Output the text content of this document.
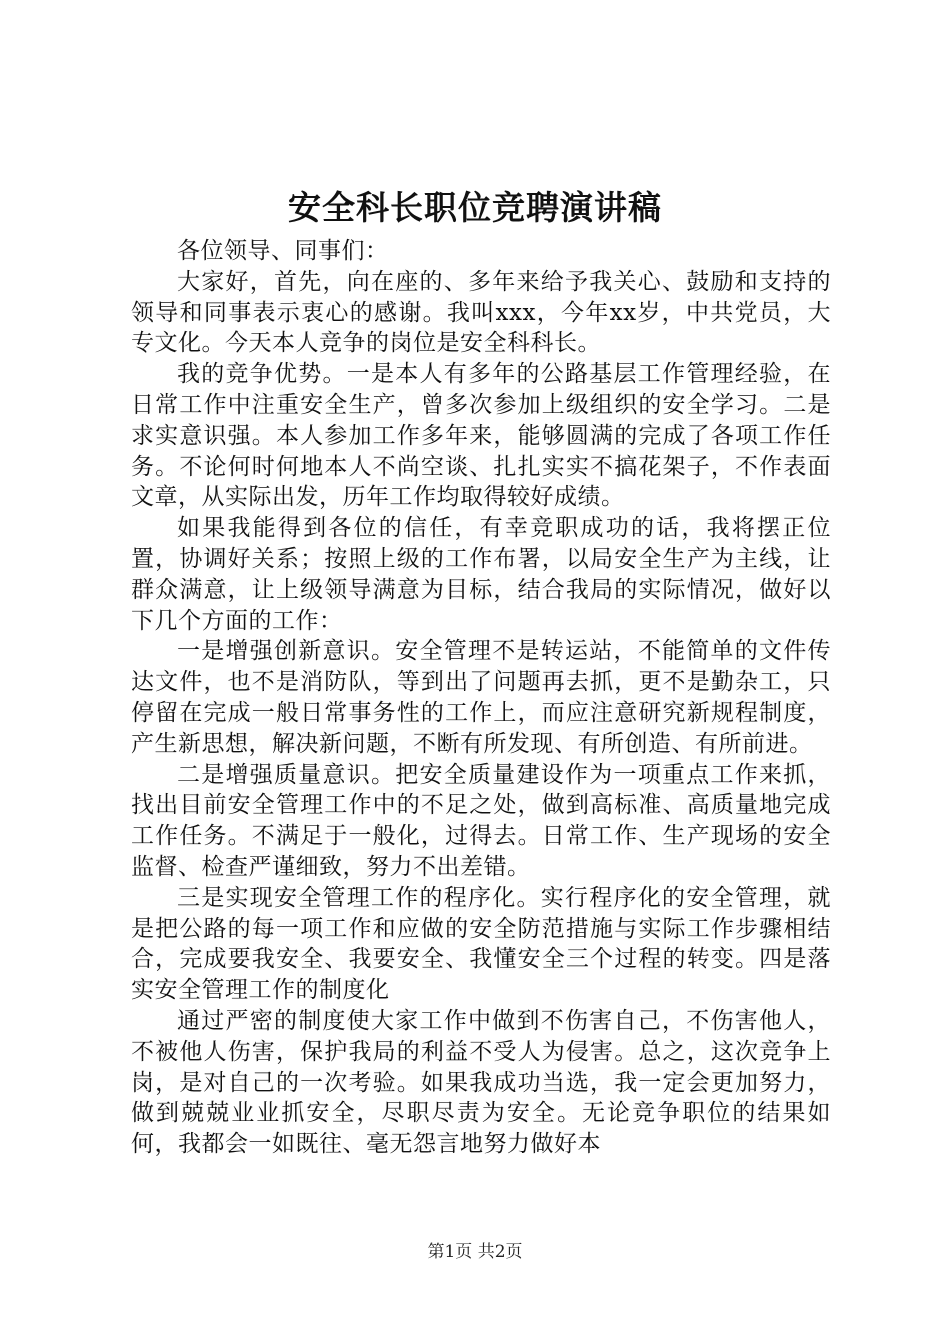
安全科长职位竞聘演讲稿

各位领导、同事们：

大家好，首先，向在座的、多年来给予我关心、鼓励和支持的领导和同事表示衷心的感谢。我叫xxx，今年xx岁，中共党员，大专文化。今天本人竞争的岗位是安全科科长。

我的竞争优势。一是本人有多年的公路基层工作管理经验，在日常工作中注重安全生产，曾多次参加上级组织的安全学习。二是求实意识强。本人参加工作多年来，能够圆满的完成了各项工作任务。不论何时何地本人不尚空谈、扎扎实实不搞花架子，不作表面文章，从实际出发，历年工作均取得较好成绩。

如果我能得到各位的信任，有幸竞职成功的话，我将摆正位置，协调好关系；按照上级的工作布署，以局安全生产为主线，让群众满意，让上级领导满意为目标，结合我局的实际情况，做好以下几个方面的工作：

一是增强创新意识。安全管理不是转运站，不能简单的文件传达文件，也不是消防队，等到出了问题再去抓，更不是勤杂工，只停留在完成一般日常事务性的工作上，而应注意研究新规程制度，产生新思想，解决新问题，不断有所发现、有所创造、有所前进。

二是增强质量意识。把安全质量建设作为一项重点工作来抓，找出目前安全管理工作中的不足之处，做到高标准、高质量地完成工作任务。不满足于一般化，过得去。日常工作、生产现场的安全监督、检查严谨细致，努力不出差错。

三是实现安全管理工作的程序化。实行程序化的安全管理，就是把公路的每一项工作和应做的安全防范措施与实际工作步骤相结合，完成要我安全、我要安全、我懂安全三个过程的转变。四是落实安全管理工作的制度化

通过严密的制度使大家工作中做到不伤害自己，不伤害他人，不被他人伤害，保护我局的利益不受人为侵害。总之，这次竞争上岗，是对自己的一次考验。如果我成功当选，我一定会更加努力，做到兢兢业业抓安全，尽职尽责为安全。无论竞争职位的结果如何，我都会一如既往、毫无怨言地努力做好本

第1页 共2页
